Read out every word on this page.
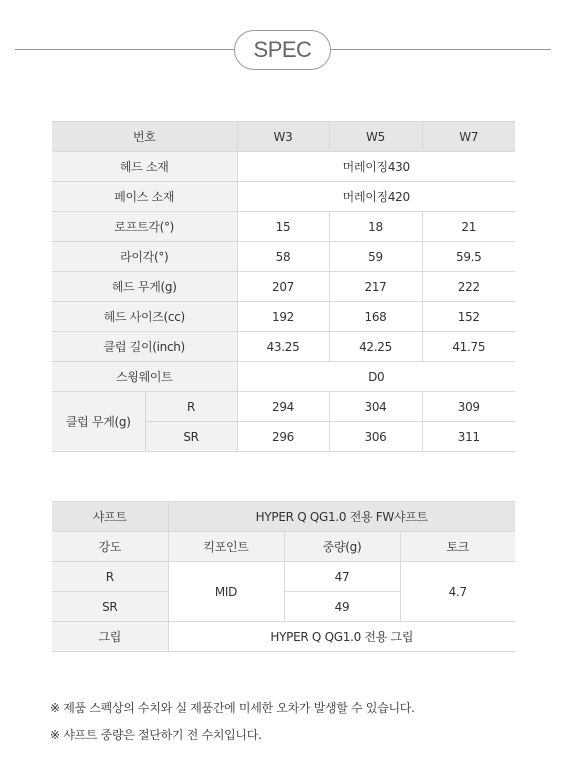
SPEC
번호		W3	W5	W7
헤드 소재		머레이징430		
페이스 소재		머레이징420		
로프트각(°)		15	18	21
라이각(°)		58	59	59.5
헤드 무게(g)		207	217	222
헤드 사이즈(cc)		192	168	152
클럽 길이(inch)		43.25	42.25	41.75
스윙웨이트		D0		
클럽 무게(g)	R	294	304	309
	SR	296	306	311
샤프트	HYPER Q QG1.0 전용 FW샤프트		
강도	킥포인트	중량(g)	토크
R	MID	47	4.7
SR		49	
그립	HYPER Q QG1.0 전용 그립		
※ 제품 스펙상의 수치와 실 제품간에 미세한 오차가 발생할 수 있습니다.
※ 샤프트 중량은 절단하기 전 수치입니다.
